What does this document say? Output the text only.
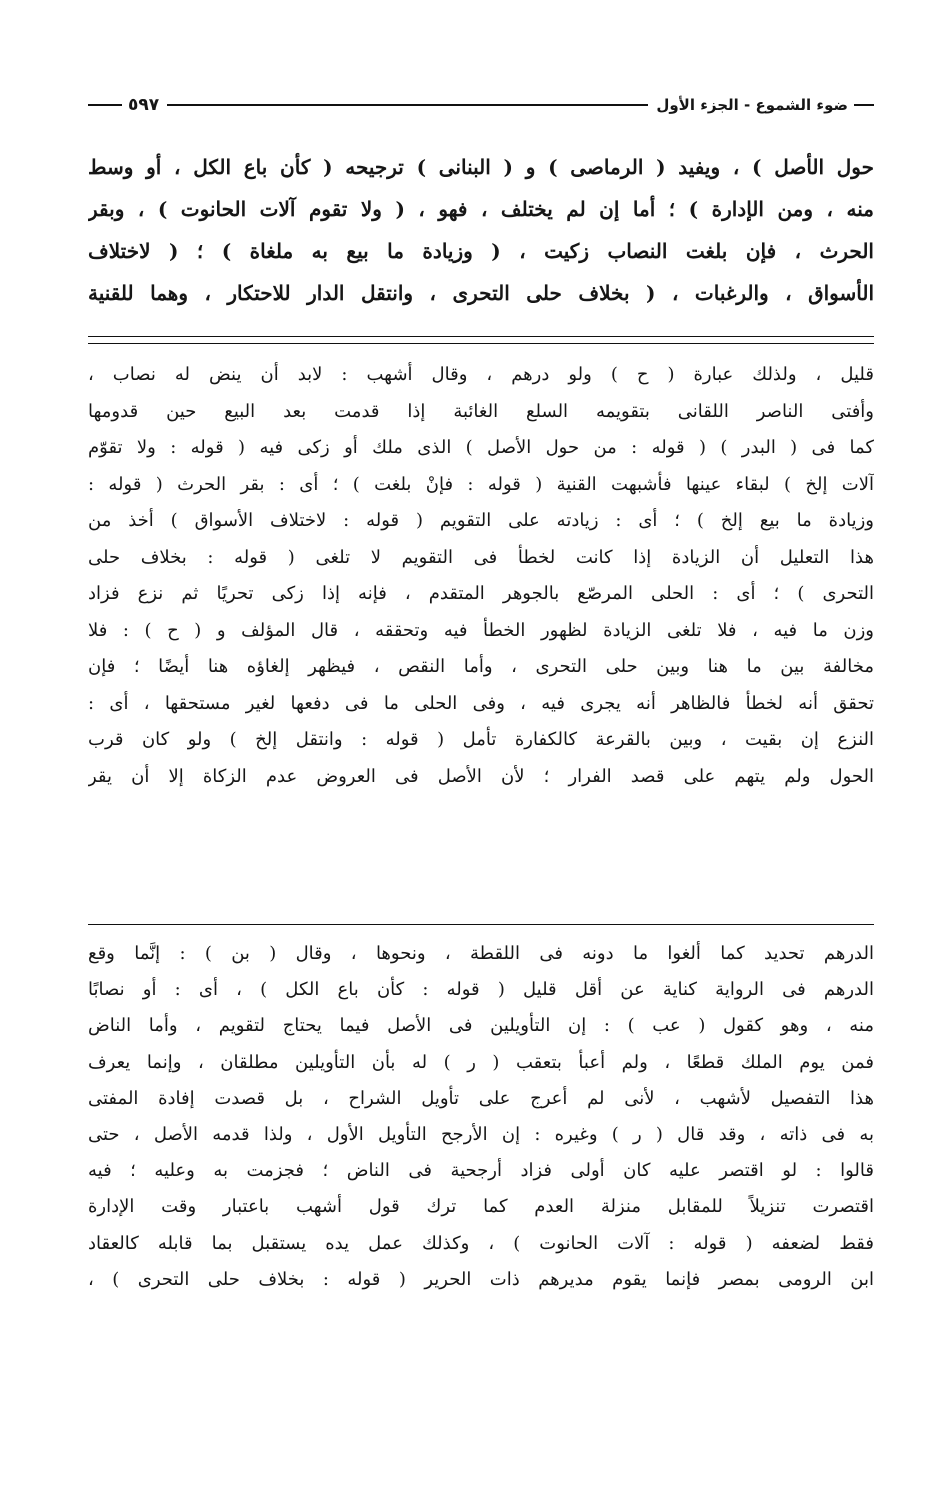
ضوء الشموع - الجزء الأول
٥٩٧
حول الأصل ) ، ويفيد ( الرماصى ) و ( البنانى ) ترجيحه ( كأن باع الكل ، أو وسط
منه ، ومن الإدارة ) ؛ أما إن لم يختلف ، فهو ، ( ولا تقوم آلات الحانوت ) ، وبقر
الحرث ، فإن بلغت النصاب زكيت ، ( وزيادة ما بيع به ملغاة ) ؛ ( لاختلاف
الأسواق ، والرغبات ، ( بخلاف حلى التحرى ، وانتقل الدار للاحتكار ، وهما للقنية
قليل ، ولذلك عبارة ( ح ) ولو درهم ، وقال أشهب : لابد أن ينض له نصاب ،
وأفتى الناصر اللقانى بتقويمه السلع الغائبة إذا قدمت بعد البيع حين قدومها
كما فى ( البدر ) ( قوله : من حول الأصل ) الذى ملك أو زكى فيه ( قوله : ولا تقوّم
آلات إلخ ) لبقاء عينها فأشبهت القنية ( قوله : فإنْ بلغت ) ؛ أى : بقر الحرث ( قوله :
وزيادة ما بيع إلخ ) ؛ أى : زيادته على التقويم ( قوله : لاختلاف الأسواق ) أخذ من
هذا التعليل أن الزيادة إذا كانت لخطأ فى التقويم لا تلغى ( قوله : بخلاف حلى
التحرى ) ؛ أى : الحلى المرصّع بالجوهر المتقدم ، فإنه إذا زكى تحريًا ثم نزع فزاد
وزن ما فيه ، فلا تلغى الزيادة لظهور الخطأ فيه وتحققه ، قال المؤلف و ( ح ) : فلا
مخالفة بين ما هنا وبين حلى التحرى ، وأما النقص ، فيظهر إلغاؤه هنا أيضًا ؛ فإن
تحقق أنه لخطأ فالظاهر أنه يجرى فيه ، وفى الحلى ما فى دفعها لغير مستحقها ، أى :
النزع إن بقيت ، وبين بالقرعة كالكفارة تأمل ( قوله : وانتقل إلخ ) ولو كان قرب
الحول ولم يتهم على قصد الفرار ؛ لأن الأصل فى العروض عدم الزكاة إلا أن يقر
الدرهم تحديد كما ألغوا ما دونه فى اللقطة ، ونحوها ، وقال ( بن ) : إنَّما وقع
الدرهم فى الرواية كناية عن أقل قليل ( قوله : كأن باع الكل ) ، أى : أو نصابًا
منه ، وهو كقول ( عب ) : إن التأويلين فى الأصل فيما يحتاج لتقويم ، وأما الناض
فمن يوم الملك قطعًا ، ولم أعبأ بتعقب ( ر ) له بأن التأويلين مطلقان ، وإنما يعرف
هذا التفصيل لأشهب ، لأنى لم أعرج على تأويل الشراح ، بل قصدت إفادة المفتى
به فى ذاته ، وقد قال ( ر ) وغيره : إن الأرجح التأويل الأول ، ولذا قدمه الأصل ، حتى
قالوا : لو اقتصر عليه كان أولى فزاد أرجحية فى الناض ؛ فجزمت به وعليه ؛ فيه
اقتصرت تنزيلاً للمقابل منزلة العدم كما ترك قول أشهب باعتبار وقت الإدارة
فقط لضعفه ( قوله : آلات الحانوت ) ، وكذلك عمل يده يستقبل بما قابله كالعقاد
ابن الرومى بمصر فإنما يقوم مديرهم ذات الحرير ( قوله : بخلاف حلى التحرى ) ،
